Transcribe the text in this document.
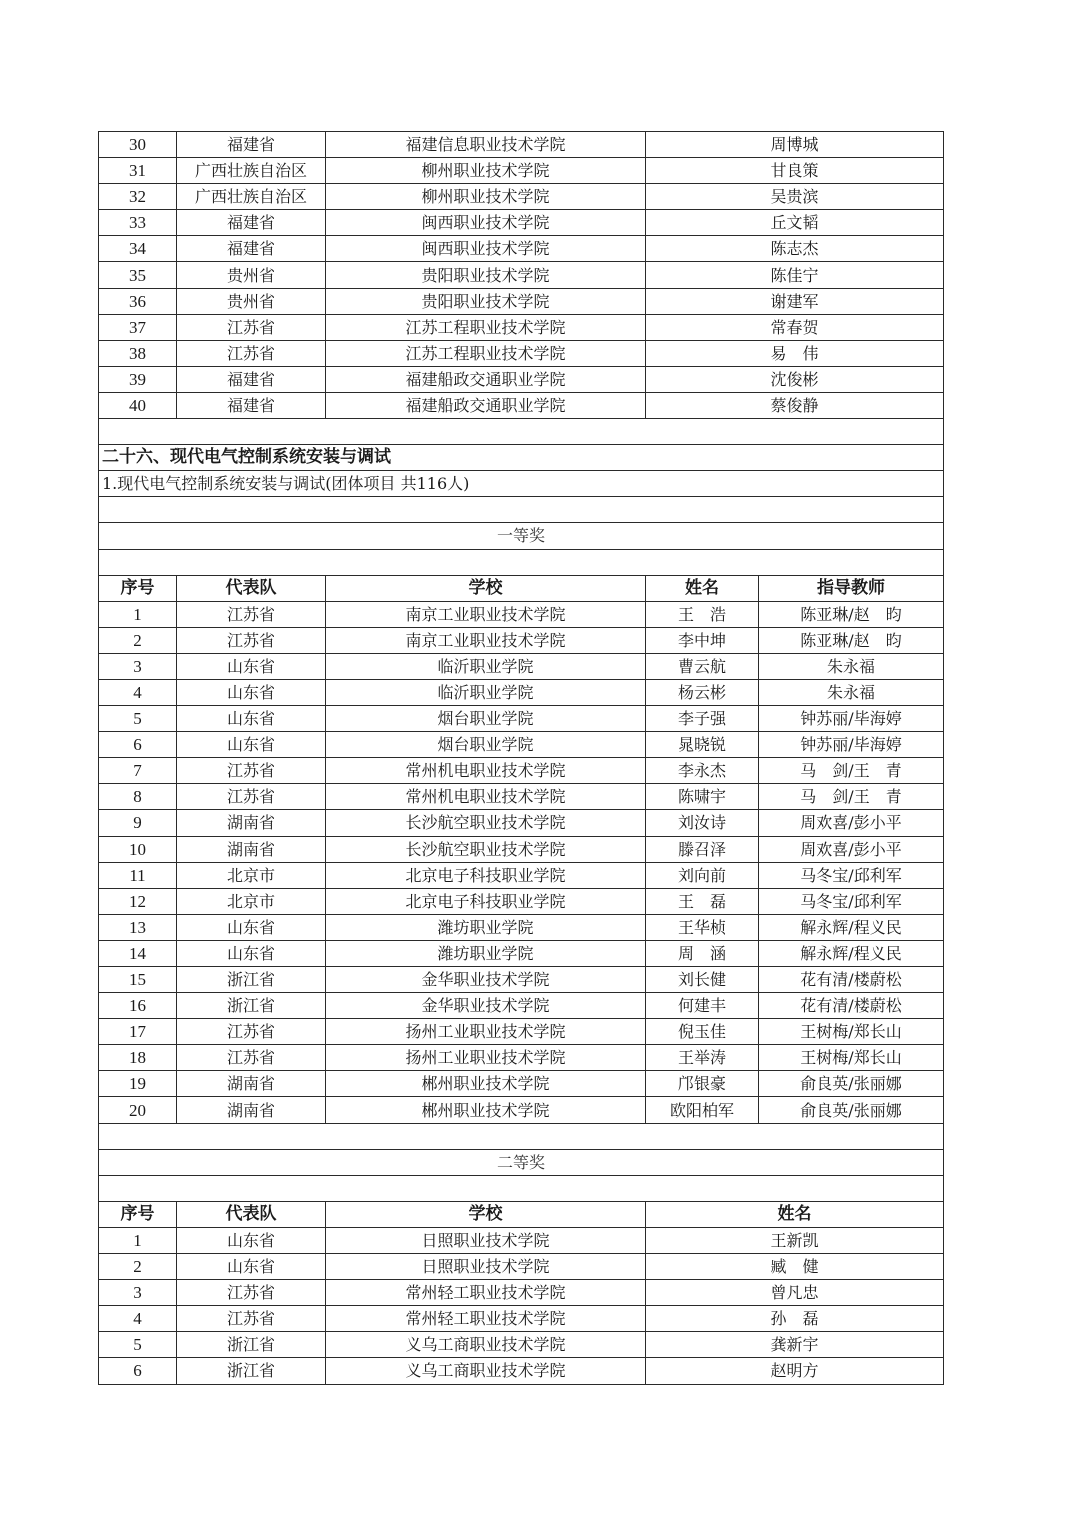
30	福建省	福建信息职业技术学院	周博城	
31	广西壮族自治区	柳州职业技术学院	甘良策	
32	广西壮族自治区	柳州职业技术学院	吴贵滨	
33	福建省	闽西职业技术学院	丘文韬	
34	福建省	闽西职业技术学院	陈志杰	
35	贵州省	贵阳职业技术学院	陈佳宁	
36	贵州省	贵阳职业技术学院	谢建军	
37	江苏省	江苏工程职业技术学院	常春贺	
38	江苏省	江苏工程职业技术学院	易　伟	
39	福建省	福建船政交通职业学院	沈俊彬	
40	福建省	福建船政交通职业学院	蔡俊静	

二十六、现代电气控制系统安装与调试				
1.现代电气控制系统安装与调试(团体项目 共116人)				

一等奖				

序号	代表队	学校	姓名	指导教师
1	江苏省	南京工业职业技术学院	王　浩	陈亚琳/赵　昀
2	江苏省	南京工业职业技术学院	李中坤	陈亚琳/赵　昀
3	山东省	临沂职业学院	曹云航	朱永福
4	山东省	临沂职业学院	杨云彬	朱永福
5	山东省	烟台职业学院	李子强	钟苏丽/毕海婷
6	山东省	烟台职业学院	晁晓锐	钟苏丽/毕海婷
7	江苏省	常州机电职业技术学院	李永杰	马　剑/王　青
8	江苏省	常州机电职业技术学院	陈啸宇	马　剑/王　青
9	湖南省	长沙航空职业技术学院	刘汝诗	周欢喜/彭小平
10	湖南省	长沙航空职业技术学院	滕召泽	周欢喜/彭小平
11	北京市	北京电子科技职业学院	刘向前	马冬宝/邱利军
12	北京市	北京电子科技职业学院	王　磊	马冬宝/邱利军
13	山东省	潍坊职业学院	王华桢	解永辉/程义民
14	山东省	潍坊职业学院	周　涵	解永辉/程义民
15	浙江省	金华职业技术学院	刘长健	花有清/楼蔚松
16	浙江省	金华职业技术学院	何建丰	花有清/楼蔚松
17	江苏省	扬州工业职业技术学院	倪玉佳	王树梅/郑长山
18	江苏省	扬州工业职业技术学院	王举涛	王树梅/郑长山
19	湖南省	郴州职业技术学院	邝银豪	俞良英/张丽娜
20	湖南省	郴州职业技术学院	欧阳柏军	俞良英/张丽娜

二等奖				

序号	代表队	学校	姓名	
1	山东省	日照职业技术学院	王新凯	
2	山东省	日照职业技术学院	臧　健	
3	江苏省	常州轻工职业技术学院	曾凡忠	
4	江苏省	常州轻工职业技术学院	孙　磊	
5	浙江省	义乌工商职业技术学院	龚新宇	
6	浙江省	义乌工商职业技术学院	赵明方	
